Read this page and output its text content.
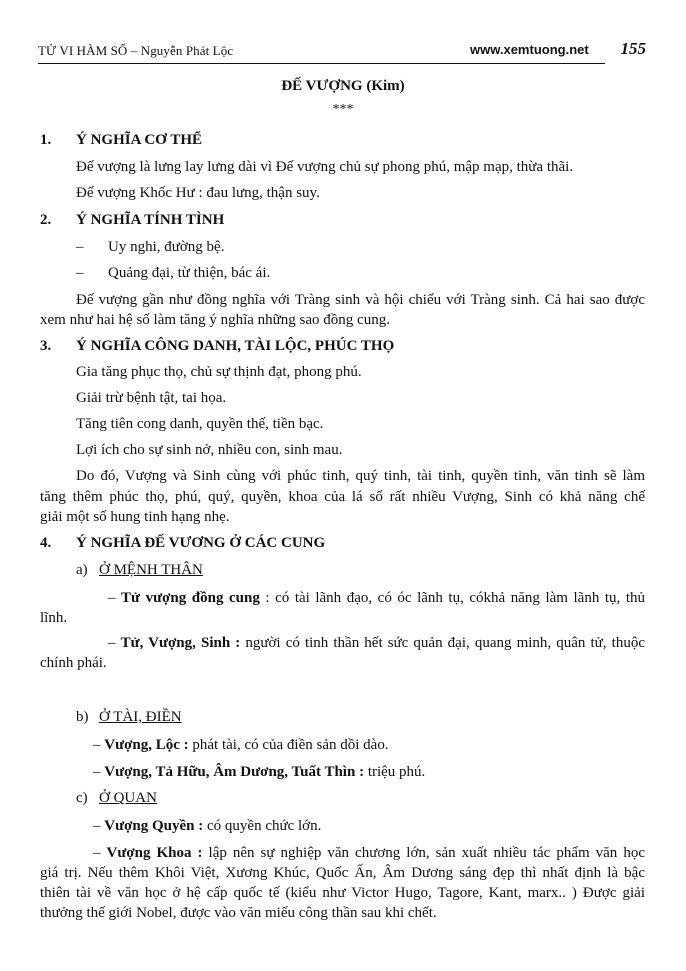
TỬ VI HÀM SỐ – Nguyễn Phát Lộc	www.xemtuong.net 155
ĐẾ VƯỢNG (Kim)
***
1. Ý NGHĨA CƠ THỂ
Đế vượng là lưng lay lưng dài vì Đế vượng chủ sự phong phú, mập mạp, thừa thãi.
Đế vượng Khốc Hư : đau lưng, thận suy.
2. Ý NGHĨA TÍNH TÌNH
– Uy nghi, đường bệ.
– Quảng đại, từ thiện, bác ái.
Đế vượng gần như đồng nghĩa với Tràng sinh và hội chiếu với Tràng sinh. Cả hai sao được
xem như hai hệ số làm tăng ý nghĩa những sao đồng cung.
3. Ý NGHĨA CÔNG DANH, TÀI LỘC, PHÚC THỌ
Gia tăng phục thọ, chủ sự thịnh đạt, phong phú.
Giải trừ bệnh tật, tai họa.
Tăng tiên cong danh, quyền thế, tiền bạc.
Lợi ích cho sự sinh nở, nhiều con, sinh mau.
Do đó, Vượng và Sinh cùng với phúc tinh, quý tinh, tài tinh, quyền tinh, văn tinh sẽ làm
tăng thêm phúc thọ, phú, quý, quyền, khoa của lá số rất nhiều Vượng, Sinh có khả năng chế
giải một số hung tinh hạng nhẹ.
4. Ý NGHĨA ĐẾ VƯƠNG Ở CÁC CUNG
a) Ở MỆNH THÂN
– Tử vượng đồng cung : có tài lãnh đạo, có óc lãnh tụ, cókhả năng làm lãnh tụ, thủ
lĩnh.
– Tử, Vượng, Sinh : người có tinh thần hết sức quản đại, quang minh, quân tử, thuộc
chính phái.
b) Ở TÀI, ĐIỀN
– Vượng, Lộc : phát tài, có của điền sản dồi dào.
– Vượng, Tả Hữu, Âm Dương, Tuất Thìn : triệu phú.
c) Ở QUAN
– Vượng Quyền : có quyền chức lớn.
– Vượng Khoa : lập nên sự nghiệp văn chương lớn, sản xuất nhiều tác phẩm văn học
giá trị. Nếu thêm Khôi Việt, Xương Khúc, Quốc Ấn, Âm Dương sáng đẹp thì nhất định là bậc
thiên tài về văn học ở hệ cấp quốc tế (kiểu như Victor Hugo, Tagore, Kant, marx.. ) Được giải
thưởng thế giới Nobel, được vào văn miếu công thần sau khi chết.
